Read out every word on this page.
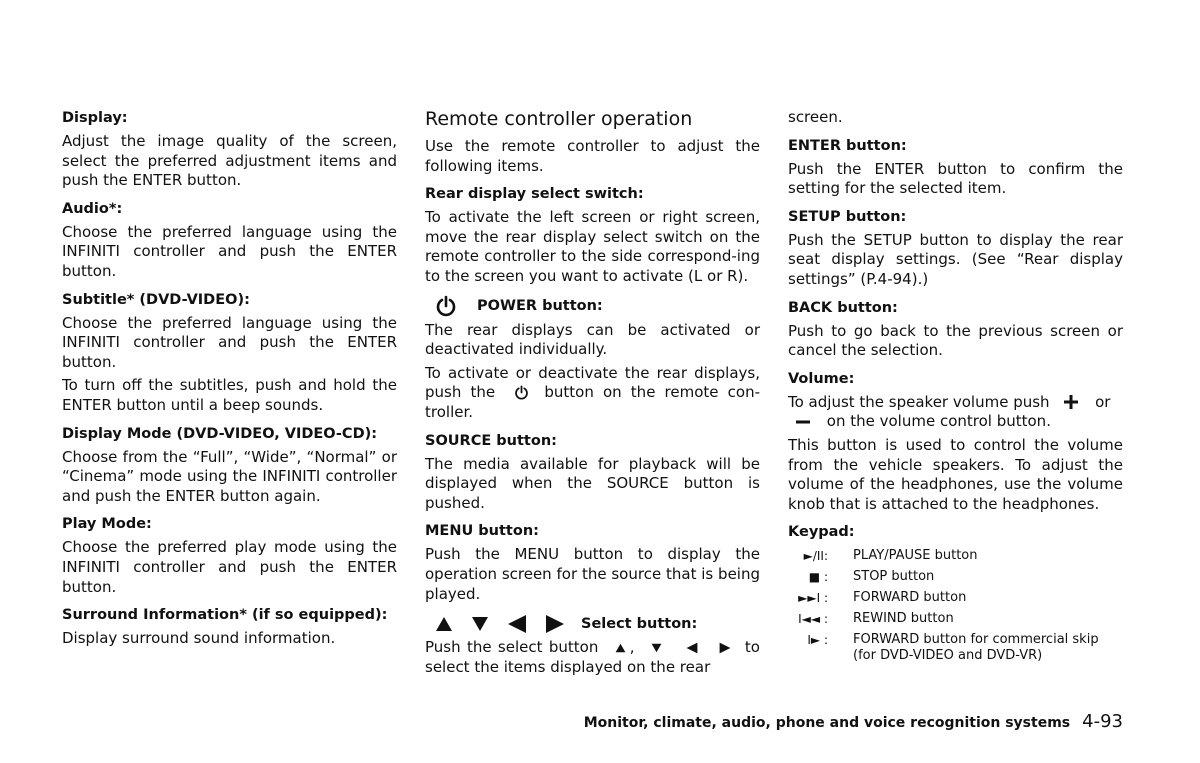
Display:
Adjust the image quality of the screen, select the preferred adjustment items and push the ENTER button.
Audio*:
Choose the preferred language using the INFINITI controller and push the ENTER button.
Subtitle* (DVD-VIDEO):
Choose the preferred language using the INFINITI controller and push the ENTER button.
To turn off the subtitles, push and hold the ENTER button until a beep sounds.
Display Mode (DVD-VIDEO, VIDEO-CD):
Choose from the “Full”, “Wide”, “Normal” or “Cinema” mode using the INFINITI controller and push the ENTER button again.
Play Mode:
Choose the preferred play mode using the INFINITI controller and push the ENTER button.
Surround Information* (if so equipped):
Display surround sound information.
Remote controller operation
Use the remote controller to adjust the following items.
Rear display select switch:
To activate the left screen or right screen, move the rear display select switch on the remote controller to the side correspond-ing to the screen you want to activate (L or R).
POWER button:
The rear displays can be activated or deactivated individually.
To activate or deactivate the rear displays, push the	button on the remote con-troller.
SOURCE button:
The media available for playback will be displayed when the SOURCE button is pushed.
MENU button:
Push the MENU button to display the operation screen for the source that is being played.
Select button:
Push the select button ,

	to select the items displayed on the rear
screen.
ENTER button:
Push the ENTER button to confirm the setting for the selected item.
SETUP button:
Push the SETUP button to display the rear seat display settings. (See “Rear display settings” (P.4-94).)
BACK button:
Push to go back to the previous screen or cancel the selection.
Volume:
To adjust the speaker volume push	or

on the volume control button.
This button is used to control the volume from the vehicle speakers. To adjust the volume of the headphones, use the volume knob that is attached to the headphones.
Keypad:
►/II:	PLAY/PAUSE button
■ :	STOP button
►►I :	FORWARD button
I◄◄ :	REWIND button
I► :	FORWARD button for commercial skip (for DVD-VIDEO and DVD-VR)
Monitor, climate, audio, phone and voice recognition systems 4-93
